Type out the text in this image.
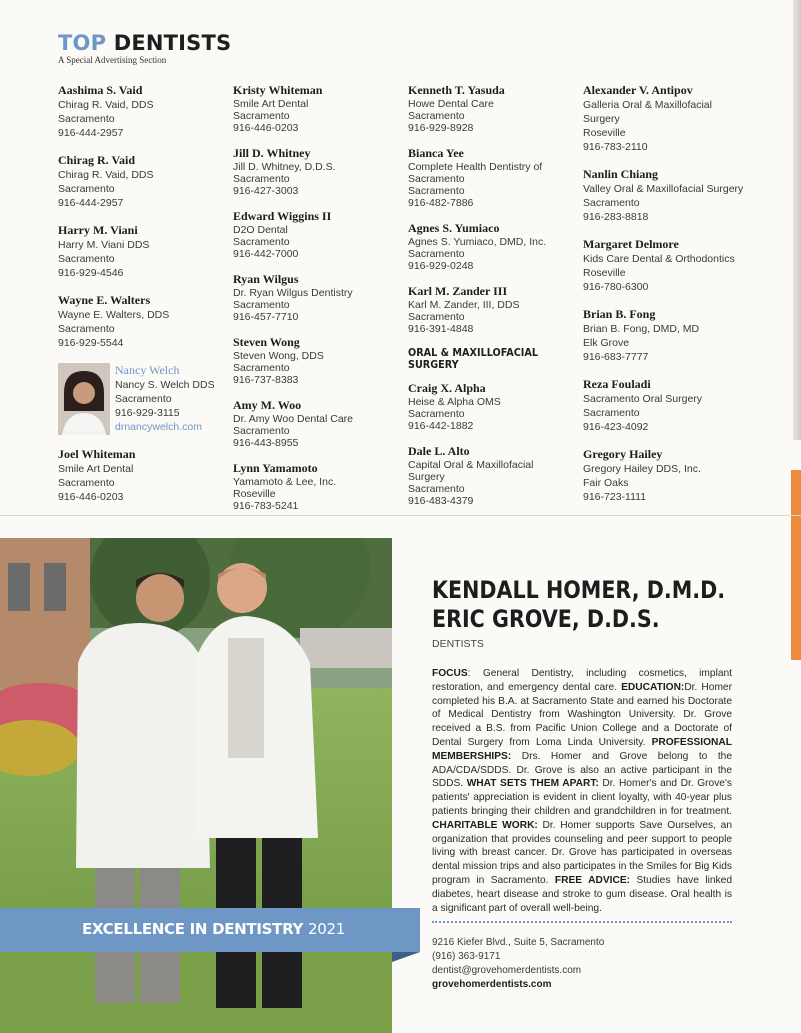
TOP DENTISTS
A Special Advertising Section
Aashima S. Vaid
Chirag R. Vaid, DDS
Sacramento
916-444-2957
Chirag R. Vaid
Chirag R. Vaid, DDS
Sacramento
916-444-2957
Harry M. Viani
Harry M. Viani DDS
Sacramento
916-929-4546
Wayne E. Walters
Wayne E. Walters, DDS
Sacramento
916-929-5544
Nancy Welch
Nancy S. Welch DDS
Sacramento
916-929-3115
drnancywelch.com
Joel Whiteman
Smile Art Dental
Sacramento
916-446-0203
Kristy Whiteman
Smile Art Dental
Sacramento
916-446-0203
Jill D. Whitney
Jill D. Whitney, D.D.S.
Sacramento
916-427-3003
Edward Wiggins II
D2O Dental
Sacramento
916-442-7000
Ryan Wilgus
Dr. Ryan Wilgus Dentistry
Sacramento
916-457-7710
Steven Wong
Steven Wong, DDS
Sacramento
916-737-8383
Amy M. Woo
Dr. Amy Woo Dental Care
Sacramento
916-443-8955
Lynn Yamamoto
Yamamoto & Lee, Inc.
Roseville
916-783-5241
Kenneth T. Yasuda
Howe Dental Care
Sacramento
916-929-8928
Bianca Yee
Complete Health Dentistry of
Sacramento
Sacramento
916-482-7886
Agnes S. Yumiaco
Agnes S. Yumiaco, DMD, Inc.
Sacramento
916-929-0248
Karl M. Zander III
Karl M. Zander, III, DDS
Sacramento
916-391-4848
ORAL & MAXILLOFACIAL SURGERY
Craig X. Alpha
Heise & Alpha OMS
Sacramento
916-442-1882
Dale L. Alto
Capital Oral & Maxillofacial
Surgery
Sacramento
916-483-4379
Alexander V. Antipov
Galleria Oral & Maxillofacial
Surgery
Roseville
916-783-2110
Nanlin Chiang
Valley Oral & Maxillofacial Surgery
Sacramento
916-283-8818
Margaret Delmore
Kids Care Dental & Orthodontics
Roseville
916-780-6300
Brian B. Fong
Brian B. Fong, DMD, MD
Elk Grove
916-683-7777
Reza Fouladi
Sacramento Oral Surgery
Sacramento
916-423-4092
Gregory Hailey
Gregory Hailey DDS, Inc.
Fair Oaks
916-723-1111
EXCELLENCE IN DENTISTRY 2021
KENDALL HOMER, D.M.D.
ERIC GROVE, D.D.S.
DENTISTS
FOCUS: General Dentistry, including cosmetics, implant restoration, and emergency dental care. EDUCATION:Dr. Homer completed his B.A. at Sacramento State and earned his Doctorate of Medical Dentistry from Washington University. Dr. Grove received a B.S. from Pacific Union College and a Doctorate of Dental Surgery from Loma Linda University. PROFESSIONAL MEMBERSHIPS: Drs. Homer and Grove belong to the ADA/CDA/SDDS. Dr. Grove is also an active participant in the SDDS. WHAT SETS THEM APART: Dr. Homer's and Dr. Grove's patients' appreciation is evident in client loyalty, with 40-year plus patients bringing their children and grandchildren in for treatment. CHARITABLE WORK: Dr. Homer supports Save Ourselves, an organization that provides counseling and peer support to people living with breast cancer. Dr. Grove has participated in overseas dental mission trips and also participates in the Smiles for Big Kids program in Sacramento. FREE ADVICE: Studies have linked diabetes, heart disease and stroke to gum disease. Oral health is a significant part of overall well-being.
9216 Kiefer Blvd., Suite 5, Sacramento
(916) 363-9171
dentist@grovehomerdentists.com
grovehomerdentists.com
